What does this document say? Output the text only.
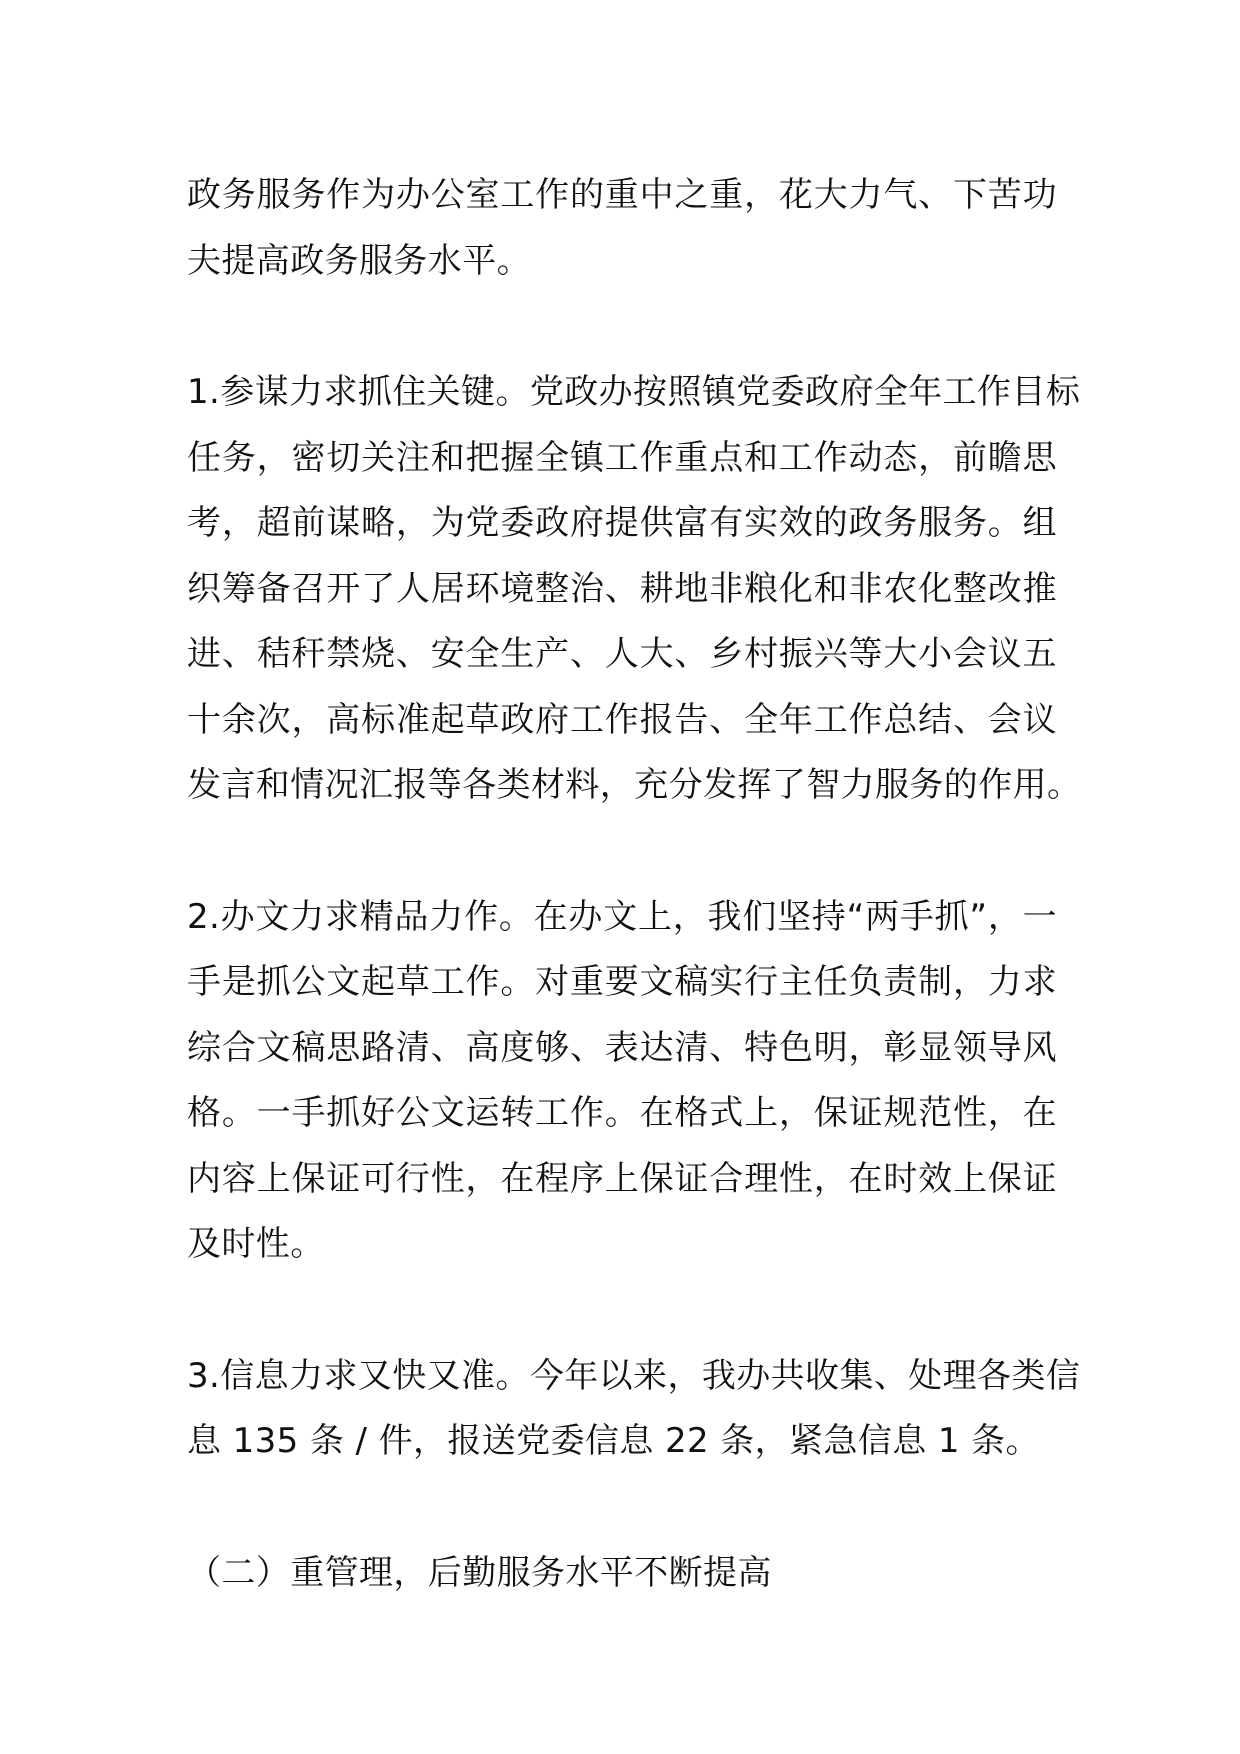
政务服务作为办公室工作的重中之重，花大力气、下苦功
夫提高政务服务水平。

1.参谋力求抓住关键。党政办按照镇党委政府全年工作目标
任务，密切关注和把握全镇工作重点和工作动态，前瞻思
考，超前谋略，为党委政府提供富有实效的政务服务。组
织筹备召开了人居环境整治、耕地非粮化和非农化整改推
进、秸秆禁烧、安全生产、人大、乡村振兴等大小会议五
十余次，高标准起草政府工作报告、全年工作总结、会议
发言和情况汇报等各类材料，充分发挥了智力服务的作用。

2.办文力求精品力作。在办文上，我们坚持“两手抓”，一
手是抓公文起草工作。对重要文稿实行主任负责制，力求
综合文稿思路清、高度够、表达清、特色明，彰显领导风
格。一手抓好公文运转工作。在格式上，保证规范性，在
内容上保证可行性，在程序上保证合理性，在时效上保证
及时性。

3.信息力求又快又准。今年以来，我办共收集、处理各类信
息 135 条 / 件，报送党委信息 22 条，紧急信息 1 条。

（二）重管理，后勤服务水平不断提高
